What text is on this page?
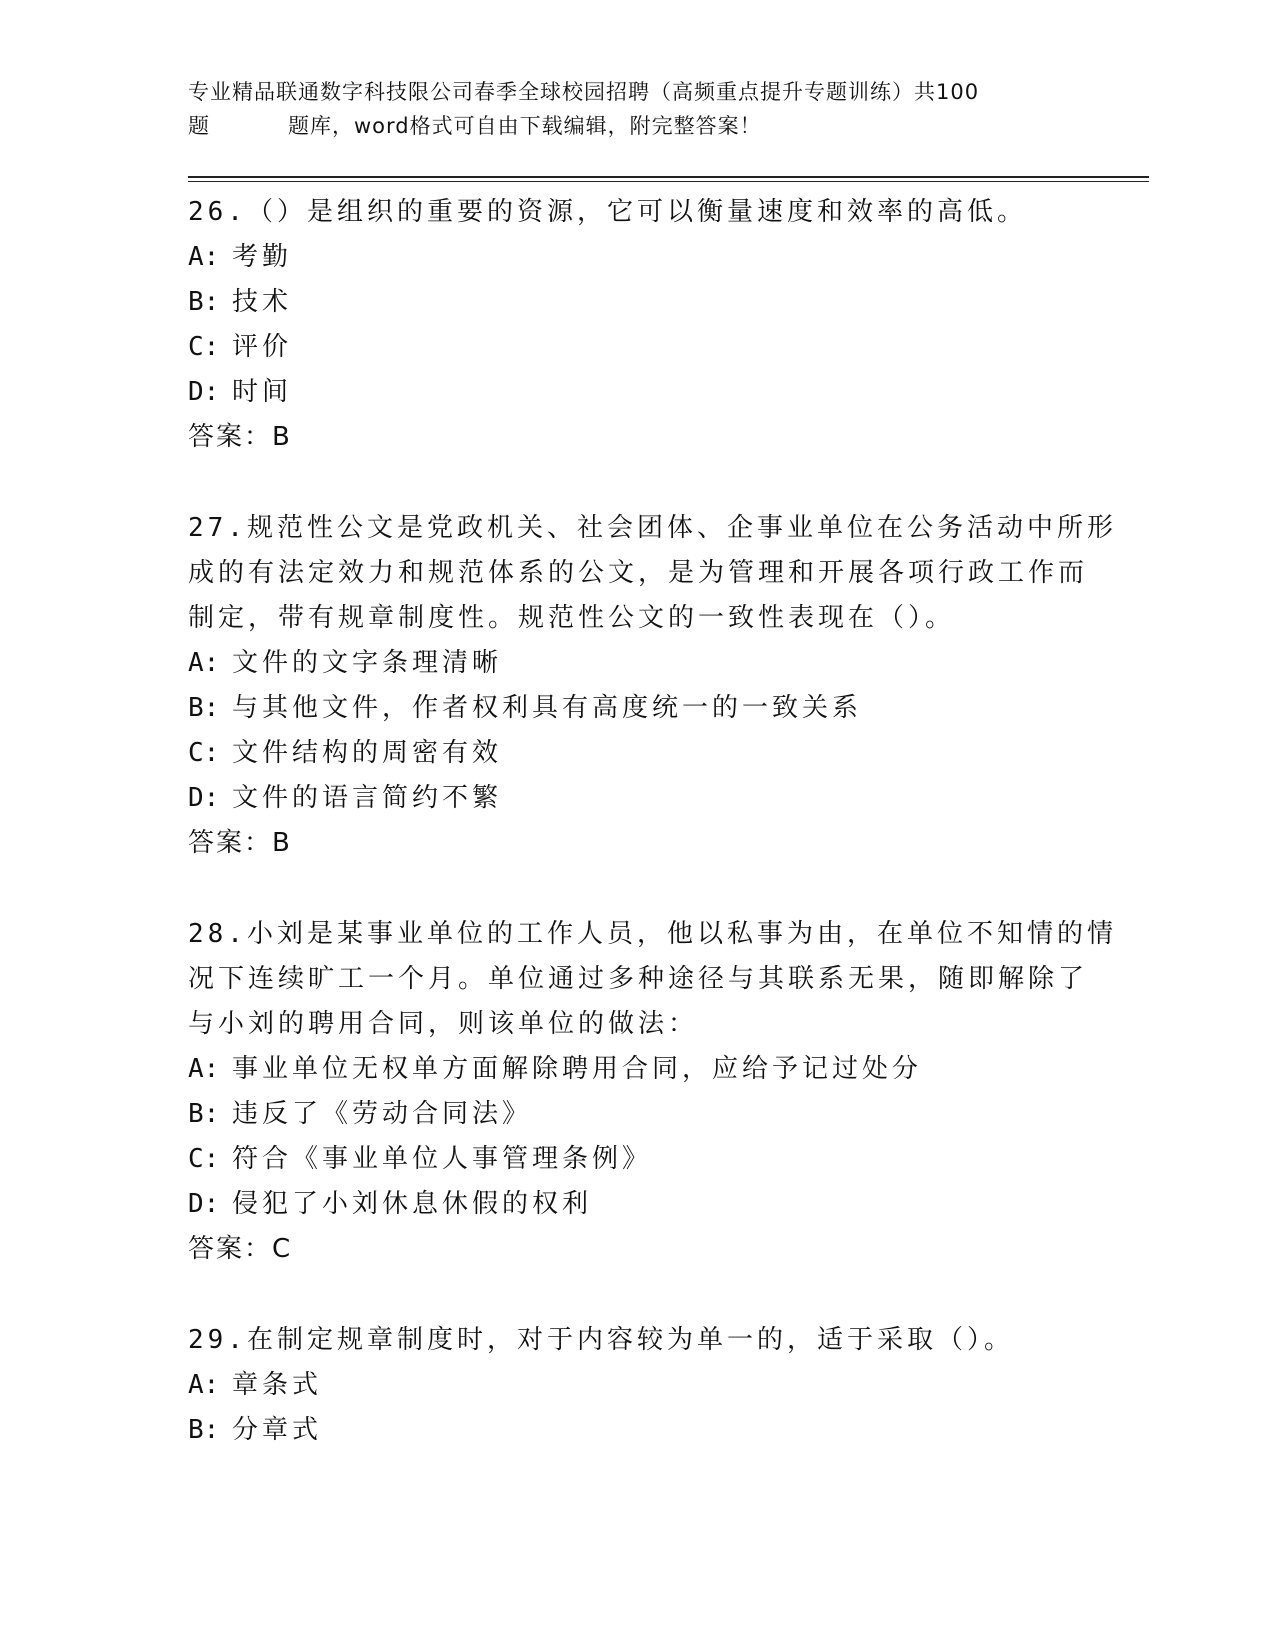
专业精品联通数字科技限公司春季全球校园招聘（高频重点提升专题训练）共100
题	题库，word格式可自由下载编辑，附完整答案！
26.（）是组织的重要的资源，它可以衡量速度和效率的高低。
A: 考勤
B: 技术
C: 评价
D: 时间
答案：B
27.规范性公文是党政机关、社会团体、企事业单位在公务活动中所形
成的有法定效力和规范体系的公文，是为管理和开展各项行政工作而
制定，带有规章制度性。规范性公文的一致性表现在（）。
A: 文件的文字条理清晰
B: 与其他文件，作者权利具有高度统一的一致关系
C: 文件结构的周密有效
D: 文件的语言简约不繁
答案：B
28.小刘是某事业单位的工作人员，他以私事为由，在单位不知情的情
况下连续旷工一个月。单位通过多种途径与其联系无果，随即解除了
与小刘的聘用合同，则该单位的做法：
A: 事业单位无权单方面解除聘用合同，应给予记过处分
B: 违反了《劳动合同法》
C: 符合《事业单位人事管理条例》
D: 侵犯了小刘休息休假的权利
答案：C
29.在制定规章制度时，对于内容较为单一的，适于采取（）。
A: 章条式
B: 分章式
